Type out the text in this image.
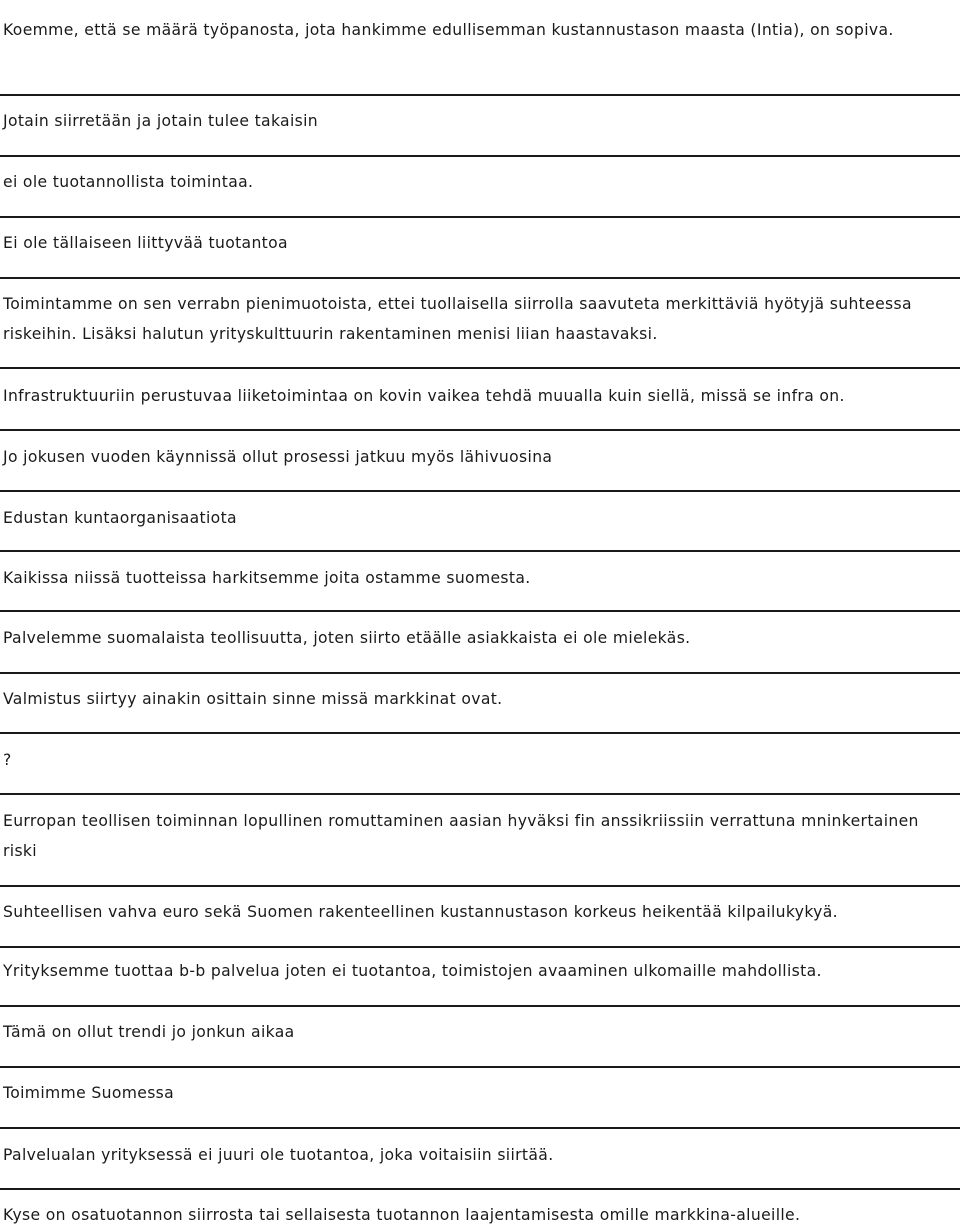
Koemme, että se määrä työpanosta, jota hankimme edullisemman kustannustason maasta (Intia), on sopiva.
Jotain siirretään ja jotain tulee takaisin
ei ole tuotannollista toimintaa.
Ei ole tällaiseen liittyvää tuotantoa
Toimintamme on sen verrabn pienimuotoista, ettei tuollaisella siirrolla saavuteta merkittäviä hyötyjä suhteessa riskeihin. Lisäksi halutun yrityskulttuurin rakentaminen menisi liian haastavaksi.
Infrastruktuuriin perustuvaa liiketoimintaa on kovin vaikea tehdä muualla kuin siellä, missä se infra on.
Jo jokusen vuoden käynnissä ollut prosessi jatkuu myös lähivuosina
Edustan kuntaorganisaatiota
Kaikissa niissä tuotteissa harkitsemme joita ostamme suomesta.
Palvelemme suomalaista teollisuutta, joten siirto etäälle asiakkaista ei ole mielekäs.
Valmistus siirtyy ainakin osittain sinne missä markkinat ovat.
?
Eurropan teollisen toiminnan lopullinen romuttaminen aasian hyväksi fin anssikriissiin verrattuna mninkertainen riski
Suhteellisen vahva euro sekä Suomen rakenteellinen kustannustason korkeus heikentää kilpailukykyä.
Yrityksemme tuottaa b-b palvelua joten ei tuotantoa, toimistojen avaaminen ulkomaille mahdollista.
Tämä on ollut trendi jo jonkun aikaa
Toimimme Suomessa
Palvelualan yrityksessä ei juuri ole tuotantoa, joka voitaisiin siirtää.
Kyse on osatuotannon siirrosta tai sellaisesta tuotannon laajentamisesta omille markkina-alueille.
